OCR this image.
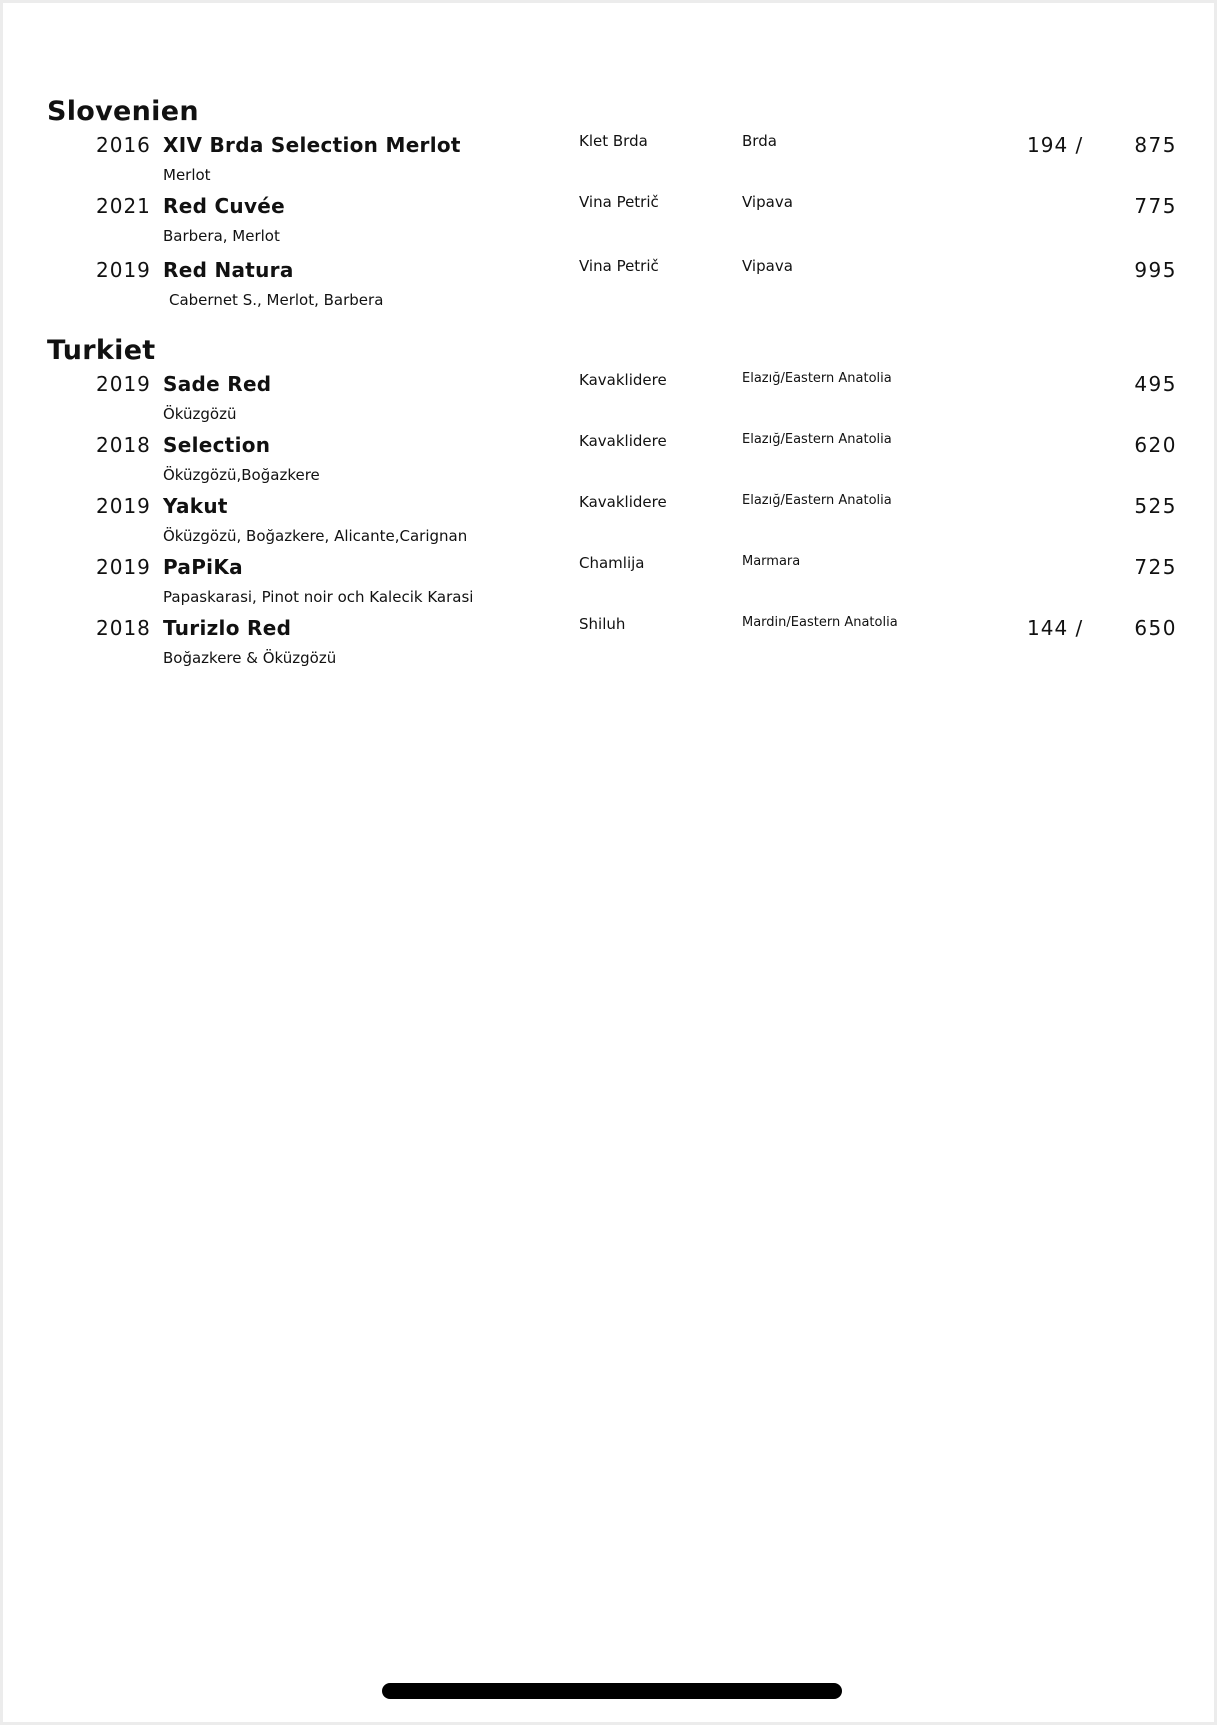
Slovenien
2016 XIV Brda Selection Merlot	Klet Brda	Brda	194 /	875
Merlot
2021 Red Cuvée	Vina Petrič	Vipava	775
Barbera, Merlot
2019 Red Natura	Vina Petrič	Vipava	995
Cabernet S., Merlot, Barbera
Turkiet
2019 Sade Red	Kavaklidere	Elazığ/Eastern Anatolia	495
Öküzgözü
2018 Selection	Kavaklidere	Elazığ/Eastern Anatolia	620
Öküzgözü,Boğazkere
2019 Yakut	Kavaklidere	Elazığ/Eastern Anatolia	525
Öküzgözü, Boğazkere, Alicante,Carignan
2019 PaPiKa	Chamlija	Marmara	725
Papaskarasi, Pinot noir och Kalecik Karasi
2018 Turizlo Red	Shiluh	Mardin/Eastern Anatolia	144 /	650
Boğazkere & Öküzgözü
